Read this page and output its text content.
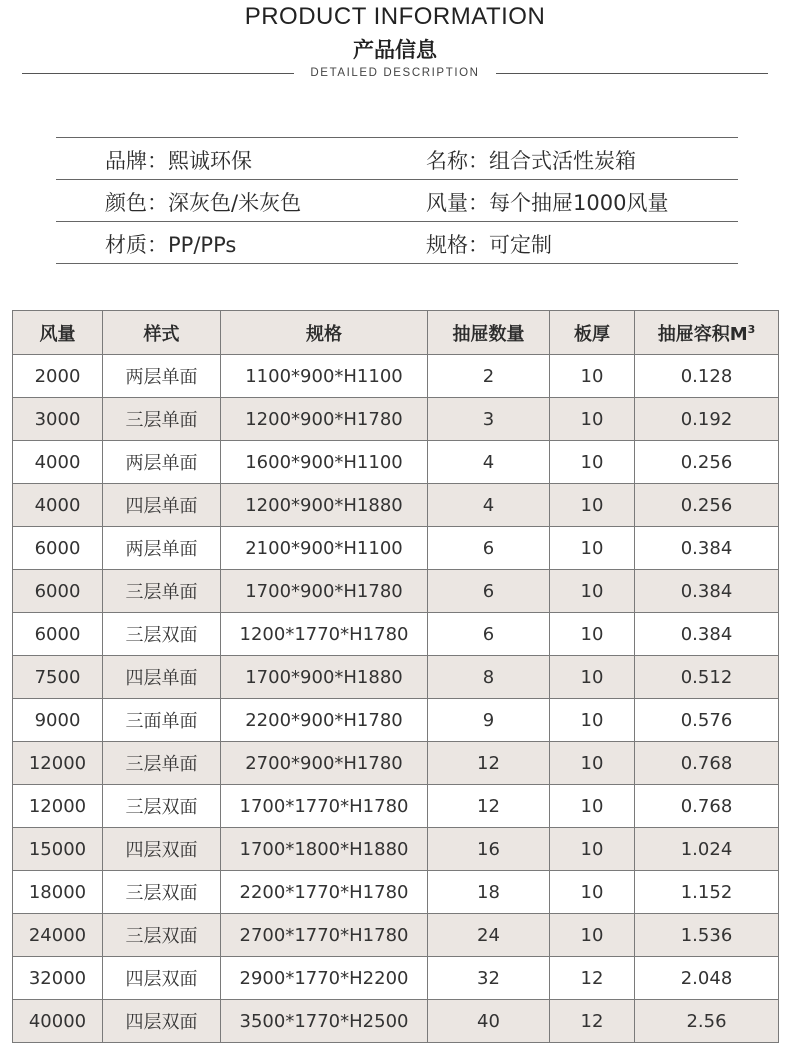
PRODUCT INFORMATION
产品信息
DETAILED DESCRIPTION
品牌：熙诚环保	名称：组合式活性炭箱
颜色：深灰色/米灰色	风量：每个抽屉1000风量
材质：PP/PPs	规格：可定制
风量	样式	规格	抽屉数量	板厚	抽屉容积$M^3$
2000	两层单面	1100*900*H1100	2	10	0.128
3000	三层单面	1200*900*H1780	3	10	0.192
4000	两层单面	1600*900*H1100	4	10	0.256
4000	四层单面	1200*900*H1880	4	10	0.256
6000	两层单面	2100*900*H1100	6	10	0.384
6000	三层单面	1700*900*H1780	6	10	0.384
6000	三层双面	1200*1770*H1780	6	10	0.384
7500	四层单面	1700*900*H1880	8	10	0.512
9000	三面单面	2200*900*H1780	9	10	0.576
12000	三层单面	2700*900*H1780	12	10	0.768
12000	三层双面	1700*1770*H1780	12	10	0.768
15000	四层双面	1700*1800*H1880	16	10	1.024
18000	三层双面	2200*1770*H1780	18	10	1.152
24000	三层双面	2700*1770*H1780	24	10	1.536
32000	四层双面	2900*1770*H2200	32	12	2.048
40000	四层双面	3500*1770*H2500	40	12	2.56
